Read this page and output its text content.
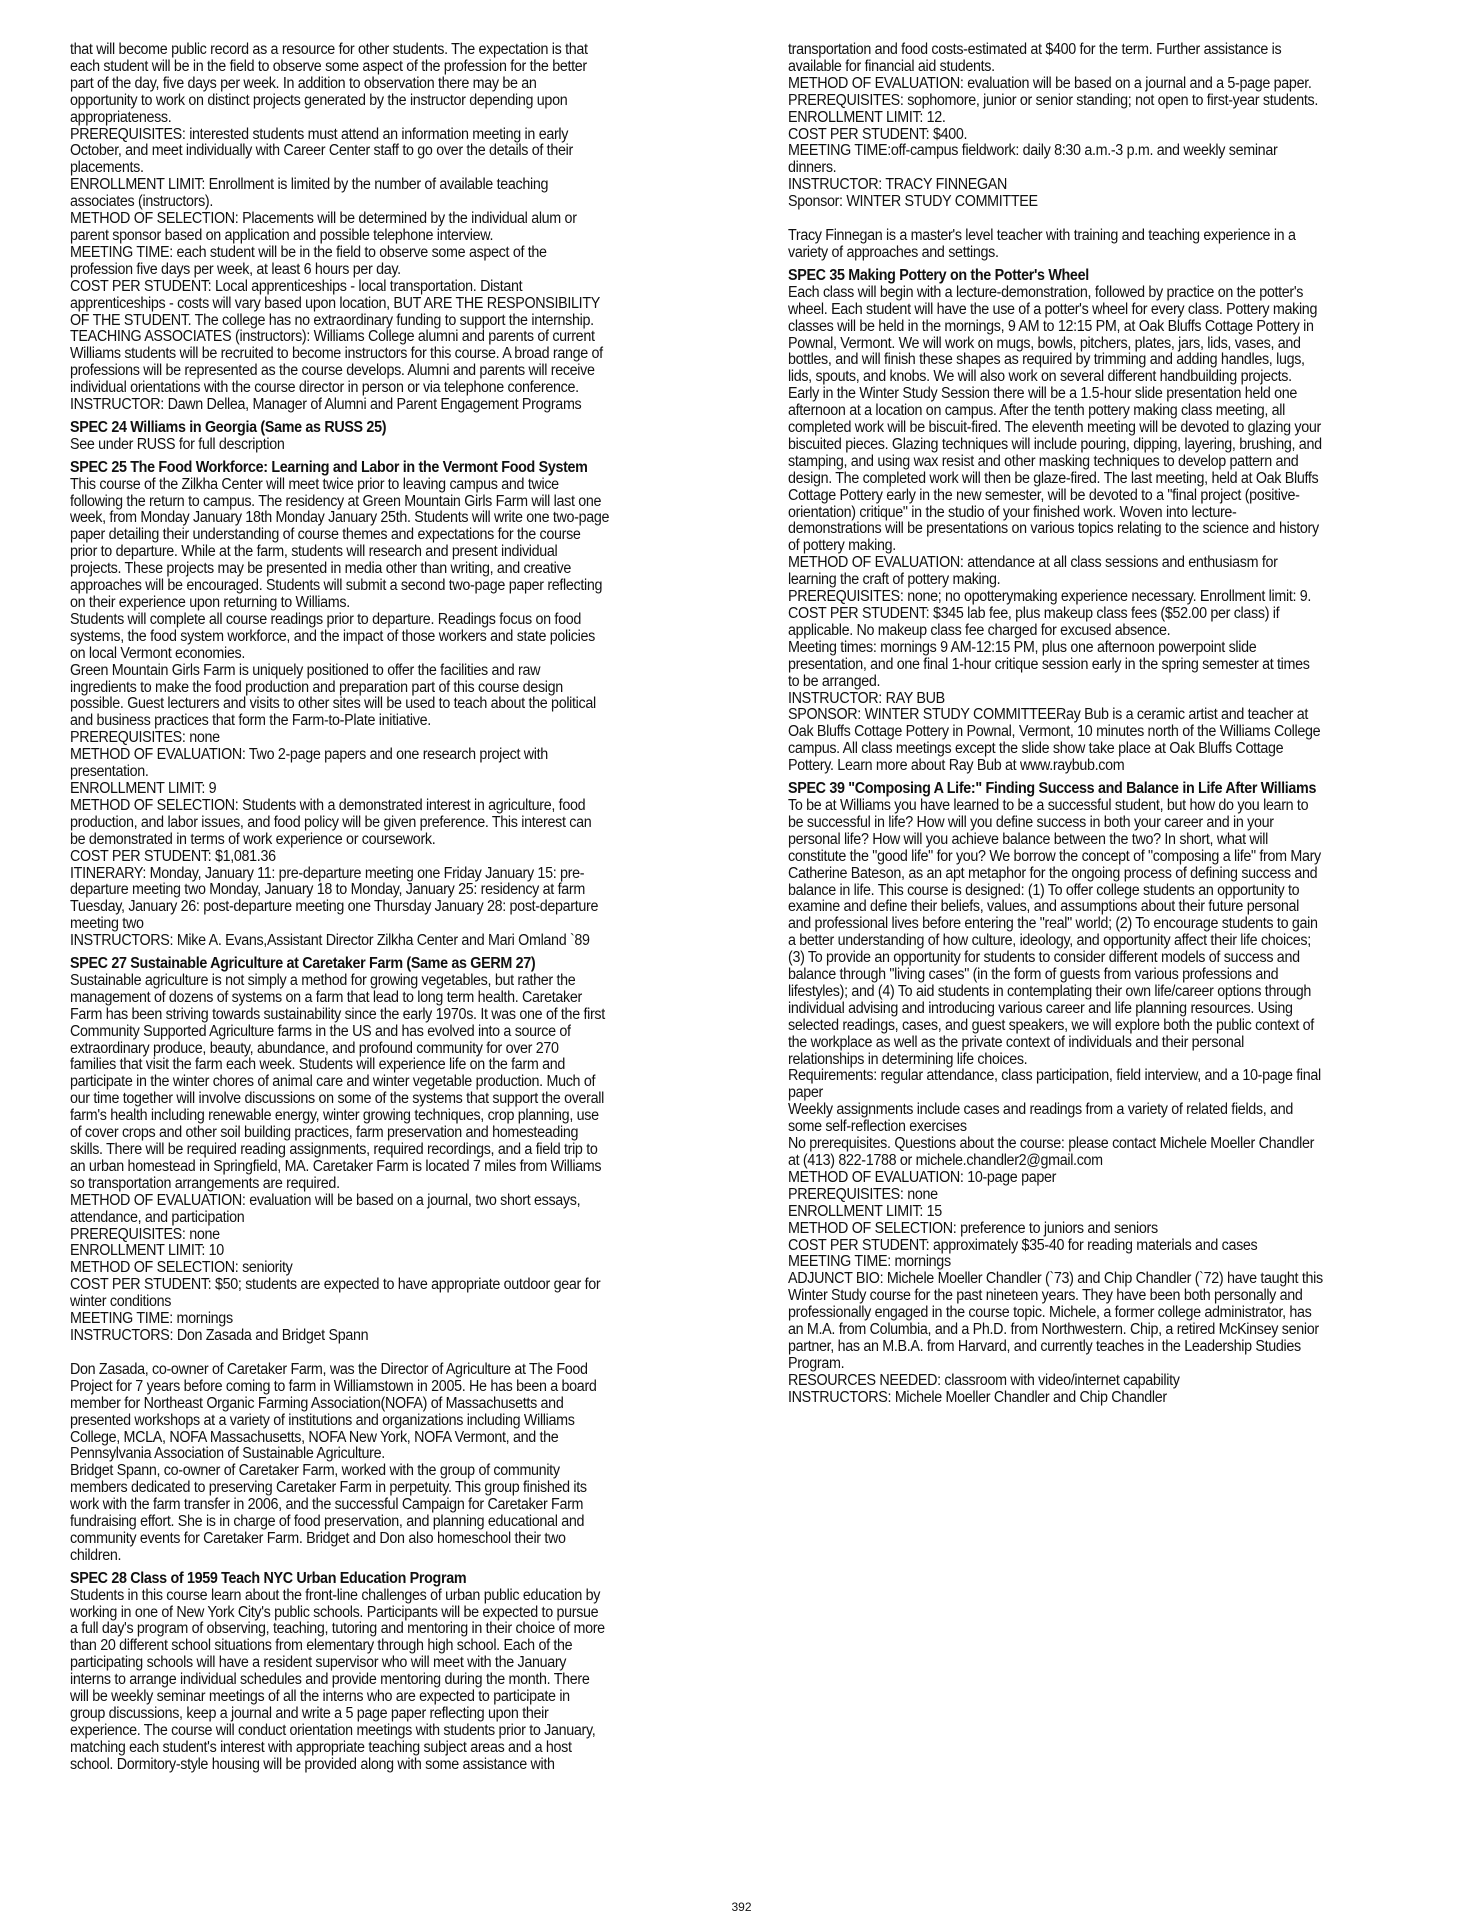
that will become public record as a resource for other students. The expectation is that
each student will be in the field to observe some aspect of the profession for the better
part of the day, five days per week. In addition to observation there may be an
opportunity to work on distinct projects generated by the instructor depending upon
appropriateness.
PREREQUISITES: interested students must attend an information meeting in early
October, and meet individually with Career Center staff to go over the details of their
placements.
ENROLLMENT LIMIT: Enrollment is limited by the number of available teaching
associates (instructors).
METHOD OF SELECTION: Placements will be determined by the individual alum or
parent sponsor based on application and possible telephone interview.
MEETING TIME: each student will be in the field to observe some aspect of the
profession five days per week, at least 6 hours per day.
COST PER STUDENT: Local apprenticeships - local transportation. Distant
apprenticeships - costs will vary based upon location, BUT ARE THE RESPONSIBILITY
OF THE STUDENT. The college has no extraordinary funding to support the internship.
TEACHING ASSOCIATES (instructors): Williams College alumni and parents of current
Williams students will be recruited to become instructors for this course. A broad range of
professions will be represented as the course develops. Alumni and parents will receive
individual orientations with the course director in person or via telephone conference.
INSTRUCTOR: Dawn Dellea, Manager of Alumni and Parent Engagement Programs
SPEC 24 Williams in Georgia (Same as RUSS 25)
See under RUSS for full description
SPEC 25 The Food Workforce: Learning and Labor in the Vermont Food System
This course of the Zilkha Center will meet twice prior to leaving campus and twice
following the return to campus. The residency at Green Mountain Girls Farm will last one
week, from Monday January 18th Monday January 25th. Students will write one two-page
paper detailing their understanding of course themes and expectations for the course
prior to departure. While at the farm, students will research and present individual
projects. These projects may be presented in media other than writing, and creative
approaches will be encouraged. Students will submit a second two-page paper reflecting
on their experience upon returning to Williams.
Students will complete all course readings prior to departure. Readings focus on food
systems, the food system workforce, and the impact of those workers and state policies
on local Vermont economies.
Green Mountain Girls Farm is uniquely positioned to offer the facilities and raw
ingredients to make the food production and preparation part of this course design
possible. Guest lecturers and visits to other sites will be used to teach about the political
and business practices that form the Farm-to-Plate initiative.
PREREQUISITES: none
METHOD OF EVALUATION: Two 2-page papers and one research project with
presentation.
ENROLLMENT LIMIT: 9
METHOD OF SELECTION: Students with a demonstrated interest in agriculture, food
production, and labor issues, and food policy will be given preference. This interest can
be demonstrated in terms of work experience or coursework.
COST PER STUDENT: $1,081.36
ITINERARY: Monday, January 11: pre-departure meeting one Friday January 15: pre-
departure meeting two Monday, January 18 to Monday, January 25: residency at farm
Tuesday, January 26: post-departure meeting one Thursday January 28: post-departure
meeting two
INSTRUCTORS: Mike A. Evans,Assistant Director Zilkha Center and Mari Omland `89
SPEC 27 Sustainable Agriculture at Caretaker Farm (Same as GERM 27)
Sustainable agriculture is not simply a method for growing vegetables, but rather the
management of dozens of systems on a farm that lead to long term health. Caretaker
Farm has been striving towards sustainability since the early 1970s. It was one of the first
Community Supported Agriculture farms in the US and has evolved into a source of
extraordinary produce, beauty, abundance, and profound community for over 270
families that visit the farm each week. Students will experience life on the farm and
participate in the winter chores of animal care and winter vegetable production. Much of
our time together will involve discussions on some of the systems that support the overall
farm's health including renewable energy, winter growing techniques, crop planning, use
of cover crops and other soil building practices, farm preservation and homesteading
skills. There will be required reading assignments, required recordings, and a field trip to
an urban homestead in Springfield, MA. Caretaker Farm is located 7 miles from Williams
so transportation arrangements are required.
METHOD OF EVALUATION: evaluation will be based on a journal, two short essays,
attendance, and participation
PREREQUISITES: none
ENROLLMENT LIMIT: 10
METHOD OF SELECTION: seniority
COST PER STUDENT: $50; students are expected to have appropriate outdoor gear for
winter conditions
MEETING TIME: mornings
INSTRUCTORS: Don Zasada and Bridget Spann
Don Zasada, co-owner of Caretaker Farm, was the Director of Agriculture at The Food
Project for 7 years before coming to farm in Williamstown in 2005. He has been a board
member for Northeast Organic Farming Association(NOFA) of Massachusetts and
presented workshops at a variety of institutions and organizations including Williams
College, MCLA, NOFA Massachusetts, NOFA New York, NOFA Vermont, and the
Pennsylvania Association of Sustainable Agriculture.
Bridget Spann, co-owner of Caretaker Farm, worked with the group of community
members dedicated to preserving Caretaker Farm in perpetuity. This group finished its
work with the farm transfer in 2006, and the successful Campaign for Caretaker Farm
fundraising effort. She is in charge of food preservation, and planning educational and
community events for Caretaker Farm. Bridget and Don also homeschool their two
children.
SPEC 28 Class of 1959 Teach NYC Urban Education Program
Students in this course learn about the front-line challenges of urban public education by
working in one of New York City's public schools. Participants will be expected to pursue
a full day's program of observing, teaching, tutoring and mentoring in their choice of more
than 20 different school situations from elementary through high school. Each of the
participating schools will have a resident supervisor who will meet with the January
interns to arrange individual schedules and provide mentoring during the month. There
will be weekly seminar meetings of all the interns who are expected to participate in
group discussions, keep a journal and write a 5 page paper reflecting upon their
experience. The course will conduct orientation meetings with students prior to January,
matching each student's interest with appropriate teaching subject areas and a host
school. Dormitory-style housing will be provided along with some assistance with
transportation and food costs-estimated at $400 for the term. Further assistance is
available for financial aid students.
METHOD OF EVALUATION: evaluation will be based on a journal and a 5-page paper.
PREREQUISITES: sophomore, junior or senior standing; not open to first-year students.
ENROLLMENT LIMIT: 12.
COST PER STUDENT: $400.
MEETING TIME:off-campus fieldwork: daily 8:30 a.m.-3 p.m. and weekly seminar
dinners.
INSTRUCTOR: TRACY FINNEGAN
Sponsor: WINTER STUDY COMMITTEE
Tracy Finnegan is a master's level teacher with training and teaching experience in a
variety of approaches and settings.
SPEC 35 Making Pottery on the Potter's Wheel
Each class will begin with a lecture-demonstration, followed by practice on the potter's
wheel. Each student will have the use of a potter's wheel for every class. Pottery making
classes will be held in the mornings, 9 AM to 12:15 PM, at Oak Bluffs Cottage Pottery in
Pownal, Vermont. We will work on mugs, bowls, pitchers, plates, jars, lids, vases, and
bottles, and will finish these shapes as required by trimming and adding handles, lugs,
lids, spouts, and knobs. We will also work on several different handbuilding projects.
Early in the Winter Study Session there will be a 1.5-hour slide presentation held one
afternoon at a location on campus. After the tenth pottery making class meeting, all
completed work will be biscuit-fired. The eleventh meeting will be devoted to glazing your
biscuited pieces. Glazing techniques will include pouring, dipping, layering, brushing, and
stamping, and using wax resist and other masking techniques to develop pattern and
design. The completed work will then be glaze-fired. The last meeting, held at Oak Bluffs
Cottage Pottery early in the new semester, will be devoted to a "final project (positive-
orientation) critique" in the studio of your finished work. Woven into lecture-
demonstrations will be presentations on various topics relating to the science and history
of pottery making.
METHOD OF EVALUATION: attendance at all class sessions and enthusiasm for
learning the craft of pottery making.
PREREQUISITES: none; no opotterymaking experience necessary. Enrollment limit: 9.
COST PER STUDENT: $345 lab fee, plus makeup class fees ($52.00 per class) if
applicable. No makeup class fee charged for excused absence.
Meeting times: mornings 9 AM-12:15 PM, plus one afternoon powerpoint slide
presentation, and one final 1-hour critique session early in the spring semester at times
to be arranged.
INSTRUCTOR: RAY BUB
SPONSOR: WINTER STUDY COMMITTEERay Bub is a ceramic artist and teacher at
Oak Bluffs Cottage Pottery in Pownal, Vermont, 10 minutes north of the Williams College
campus. All class meetings except the slide show take place at Oak Bluffs Cottage
Pottery. Learn more about Ray Bub at www.raybub.com
SPEC 39 "Composing A Life:" Finding Success and Balance in Life After Williams
To be at Williams you have learned to be a successful student, but how do you learn to
be successful in life? How will you define success in both your career and in your
personal life? How will you achieve balance between the two? In short, what will
constitute the "good life" for you? We borrow the concept of "composing a life" from Mary
Catherine Bateson, as an apt metaphor for the ongoing process of defining success and
balance in life. This course is designed: (1) To offer college students an opportunity to
examine and define their beliefs, values, and assumptions about their future personal
and professional lives before entering the "real" world; (2) To encourage students to gain
a better understanding of how culture, ideology, and opportunity affect their life choices;
(3) To provide an opportunity for students to consider different models of success and
balance through "living cases" (in the form of guests from various professions and
lifestyles); and (4) To aid students in contemplating their own life/career options through
individual advising and introducing various career and life planning resources. Using
selected readings, cases, and guest speakers, we will explore both the public context of
the workplace as well as the private context of individuals and their personal
relationships in determining life choices.
Requirements: regular attendance, class participation, field interview, and a 10-page final
paper
Weekly assignments include cases and readings from a variety of related fields, and
some self-reflection exercises
No prerequisites. Questions about the course: please contact Michele Moeller Chandler
at (413) 822-1788 or michele.chandler2@gmail.com
METHOD OF EVALUATION: 10-page paper
PREREQUISITES: none
ENROLLMENT LIMIT: 15
METHOD OF SELECTION: preference to juniors and seniors
COST PER STUDENT: approximately $35-40 for reading materials and cases
MEETING TIME: mornings
ADJUNCT BIO: Michele Moeller Chandler (`73) and Chip Chandler (`72) have taught this
Winter Study course for the past nineteen years. They have been both personally and
professionally engaged in the course topic. Michele, a former college administrator, has
an M.A. from Columbia, and a Ph.D. from Northwestern. Chip, a retired McKinsey senior
partner, has an M.B.A. from Harvard, and currently teaches in the Leadership Studies
Program.
RESOURCES NEEDED: classroom with video/internet capability
INSTRUCTORS: Michele Moeller Chandler and Chip Chandler
392
